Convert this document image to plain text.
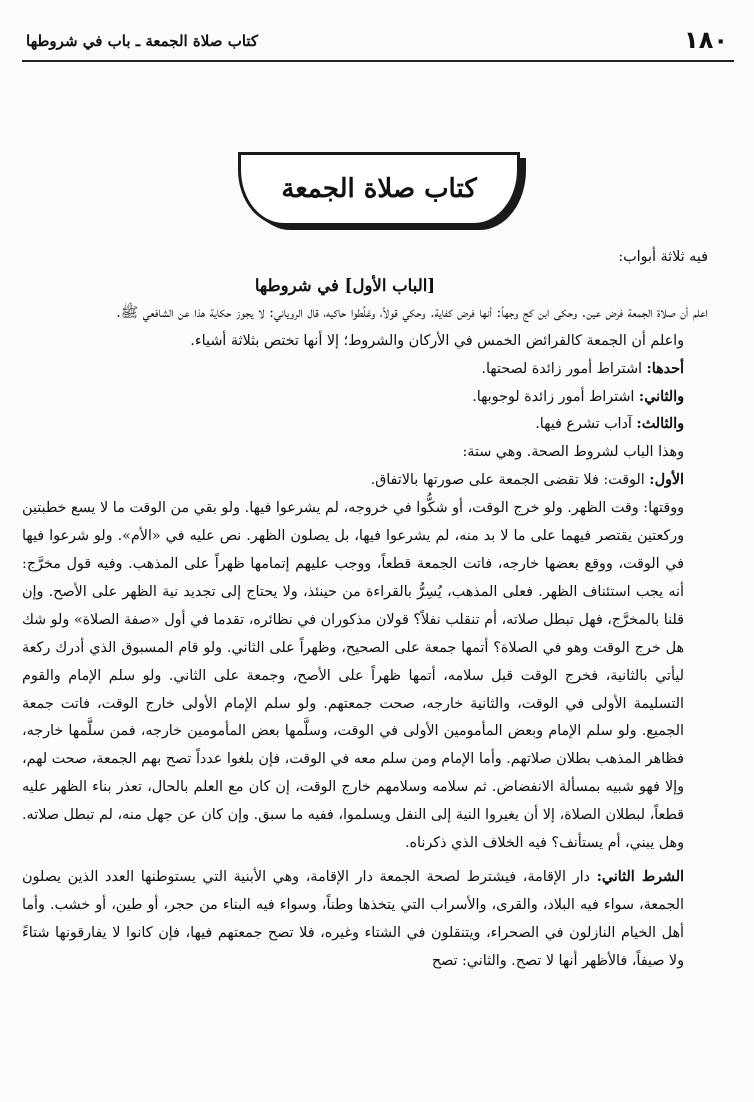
١٨٠
كتاب صلاة الجمعة ـ باب في شروطها
كتاب صلاة الجمعة

فيه ثلاثة أبواب:

[الباب الأول] في شروطها

اعلم أن صلاة الجمعة فرض عين. وحكى ابن كج وجهاً: أنها فرض كفاية. وحكي قولاً، وغلَّطوا حاكيه، قال الروياني: لا يجوز حكاية هذا عن الشافعي ﷺ.

واعلم أن الجمعة كالفرائض الخمس في الأركان والشروط؛ إلا أنها تختص بثلاثة أشياء.

أحدها: اشتراط أمور زائدة لصحتها.

والثاني: اشتراط أمور زائدة لوجوبها.

والثالث: آداب تشرع فيها.

وهذا الباب لشروط الصحة. وهي ستة:

الأول: الوقت: فلا تقضى الجمعة على صورتها بالاتفاق.

ووقتها: وقت الظهر. ولو خرج الوقت، أو شكُّوا في خروجه، لم يشرعوا فيها. ولو بقي من الوقت ما لا يسع خطبتين وركعتين يقتصر فيهما على ما لا بد منه، لم يشرعوا فيها، بل يصلون الظهر. نص عليه في «الأم». ولو شرعوا فيها في الوقت، ووقع بعضها خارجه، فاتت الجمعة قطعاً، ووجب عليهم إتمامها ظهراً على المذهب. وفيه قول مخرَّج: أنه يجب استئناف الظهر. فعلى المذهب، يُسِرُّ بالقراءة من حينئذ، ولا يحتاج إلى تجديد نية الظهر على الأصح. وإن قلنا بالمخرَّج، فهل تبطل صلاته، أم تنقلب نفلاً؟ قولان مذكوران في نظائره، تقدما في أول «صفة الصلاة» ولو شك هل خرج الوقت وهو في الصلاة؟ أتمها جمعة على الصحيح، وظهراً على الثاني. ولو قام المسبوق الذي أدرك ركعة ليأتي بالثانية، فخرج الوقت قبل سلامه، أتمها ظهراً على الأصح، وجمعة على الثاني. ولو سلم الإمام والقوم التسليمة الأولى في الوقت، والثانية خارجه، صحت جمعتهم. ولو سلم الإمام الأولى خارج الوقت، فاتت جمعة الجميع. ولو سلم الإمام وبعض المأمومين الأولى في الوقت، وسلَّمها بعض المأمومين خارجه، فمن سلَّمها خارجه، فظاهر المذهب بطلان صلاتهم. وأما الإمام ومن سلم معه في الوقت، فإن بلغوا عدداً تصح بهم الجمعة، صحت لهم، وإلا فهو شبيه بمسألة الانفضاض. ثم سلامه وسلامهم خارج الوقت، إن كان مع العلم بالحال، تعذر بناء الظهر عليه قطعاً، لبطلان الصلاة، إلا أن يغيروا النية إلى النفل ويسلموا، ففيه ما سبق. وإن كان عن جهل منه، لم تبطل صلاته. وهل يبني، أم يستأنف؟ فيه الخلاف الذي ذكرناه.

الشرط الثاني: دار الإقامة، فيشترط لصحة الجمعة دار الإقامة، وهي الأبنية التي يستوطنها العدد الذين يصلون الجمعة، سواء فيه البلاد، والقرى، والأسراب التي يتخذها وطناً، وسواء فيه البناء من حجر، أو طين، أو خشب. وأما أهل الخيام النازلون في الصحراء، ويتنقلون في الشتاء وغيره، فلا تصح جمعتهم فيها، فإن كانوا لا يفارقونها شتاءً ولا صيفاً، فالأظهر أنها لا تصح. والثاني: تصح
